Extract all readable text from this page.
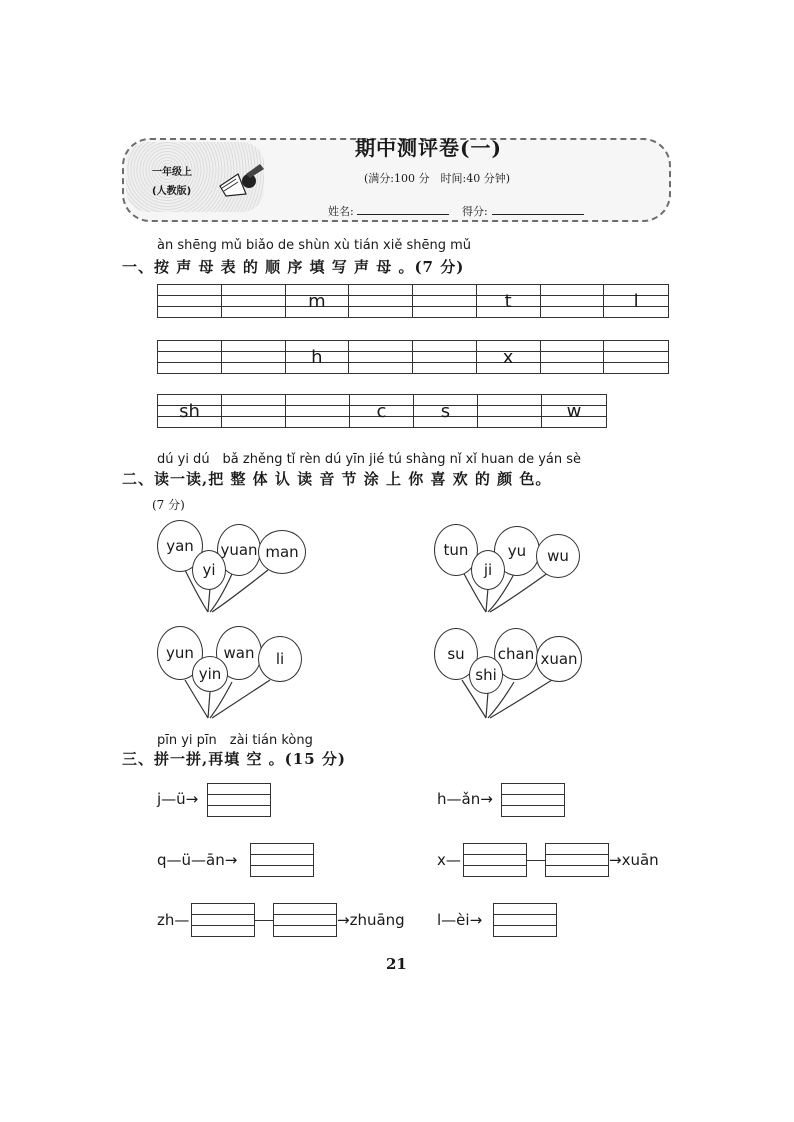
一年级上
(人教版)
期中测评卷(一)
(满分:100 分　时间:40 分钟)
姓名:	得分:
àn shēng mǔ biǎo de shùn xù tián xiě shēng mǔ
一、按 声 母 表 的 顺 序 填 写 声 母 。(7 分)
m	t	l
h	x
sh	c	s	w
dú yi dú　bǎ zhěng tǐ rèn dú yīn jié tú shàng nǐ xǐ huan de yán sè
二、读一读,把 整 体 认 读 音 节 涂 上 你 喜 欢 的 颜 色。
(7 分)
yan	yuan man
yi
tun	yu	wu
ji
yun	wan	li
yin
su	chan xuan
shi
pīn yi pīn　zài tián kòng
三、拼一拼,再填 空 。(15 分)
j—ü→	h—ǎn→
q—ü—ān→	x—	→xuān
zh—	→zhuāng l—èi→
21
